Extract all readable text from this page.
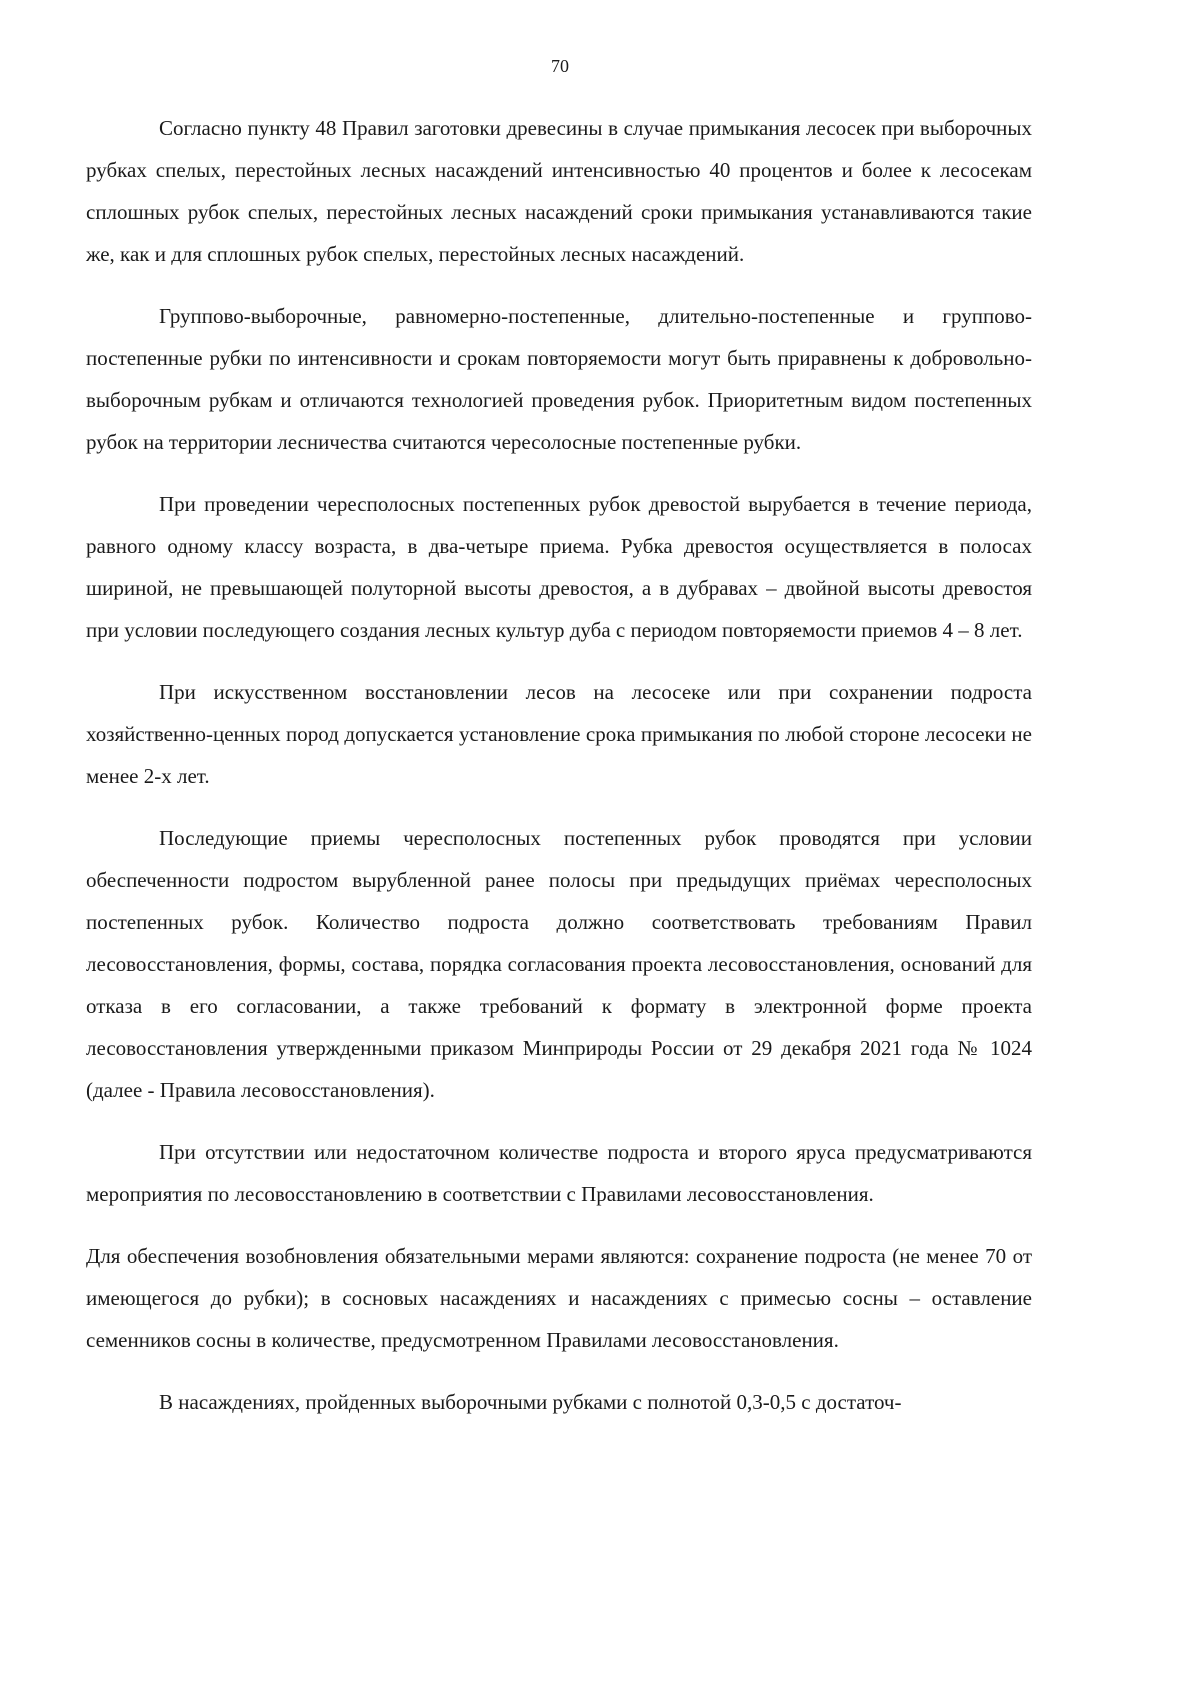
70

Согласно пункту 48 Правил заготовки древесины в случае примыкания лесосек при выборочных рубках спелых, перестойных лесных насаждений интенсивностью 40 процентов и более к лесосекам сплошных рубок спелых, перестойных лесных насаждений сроки примыкания устанавливаются такие же, как и для сплошных рубок спелых, перестойных лесных насаждений.

Группово-выборочные, равномерно-постепенные, длительно-постепенные и группово-постепенные рубки по интенсивности и срокам повторяемости могут быть приравнены к добровольно-выборочным рубкам и отличаются технологией проведения рубок. Приоритетным видом постепенных рубок на территории лесничества считаются чересолосные постепенные рубки.

При проведении чересполосных постепенных рубок древостой вырубается в течение периода, равного одному классу возраста, в два-четыре приема. Рубка древостоя осуществляется в полосах шириной, не превышающей полуторной высоты древостоя, а в дубравах – двойной высоты древостоя при условии последующего создания лесных культур дуба с периодом повторяемости приемов 4 – 8 лет.

При искусственном восстановлении лесов на лесосеке или при сохранении подроста хозяйственно-ценных пород допускается установление срока примыкания по любой стороне лесосеки не менее 2-х лет.

Последующие приемы чересполосных постепенных рубок проводятся при условии обеспеченности подростом вырубленной ранее полосы при предыдущих приёмах чересполосных постепенных рубок. Количество подроста должно соответствовать требованиям Правил лесовосстановления, формы, состава, порядка согласования проекта лесовосстановления, оснований для отказа в его согласовании, а также требований к формату в электронной форме проекта лесовосстановления утвержденными приказом Минприроды России от 29 декабря 2021 года № 1024 (далее - Правила лесовосстановления).

При отсутствии или недостаточном количестве подроста и второго яруса предусматриваются мероприятия по лесовосстановлению в соответствии с Правилами лесовосстановления.

Для обеспечения возобновления обязательными мерами являются: сохранение подроста (не менее 70 от имеющегося до рубки); в сосновых насаждениях и насаждениях с примесью сосны – оставление семенников сосны в количестве, предусмотренном Правилами лесовосстановления.

В насаждениях, пройденных выборочными рубками с полнотой 0,3-0,5 с достаточ-
